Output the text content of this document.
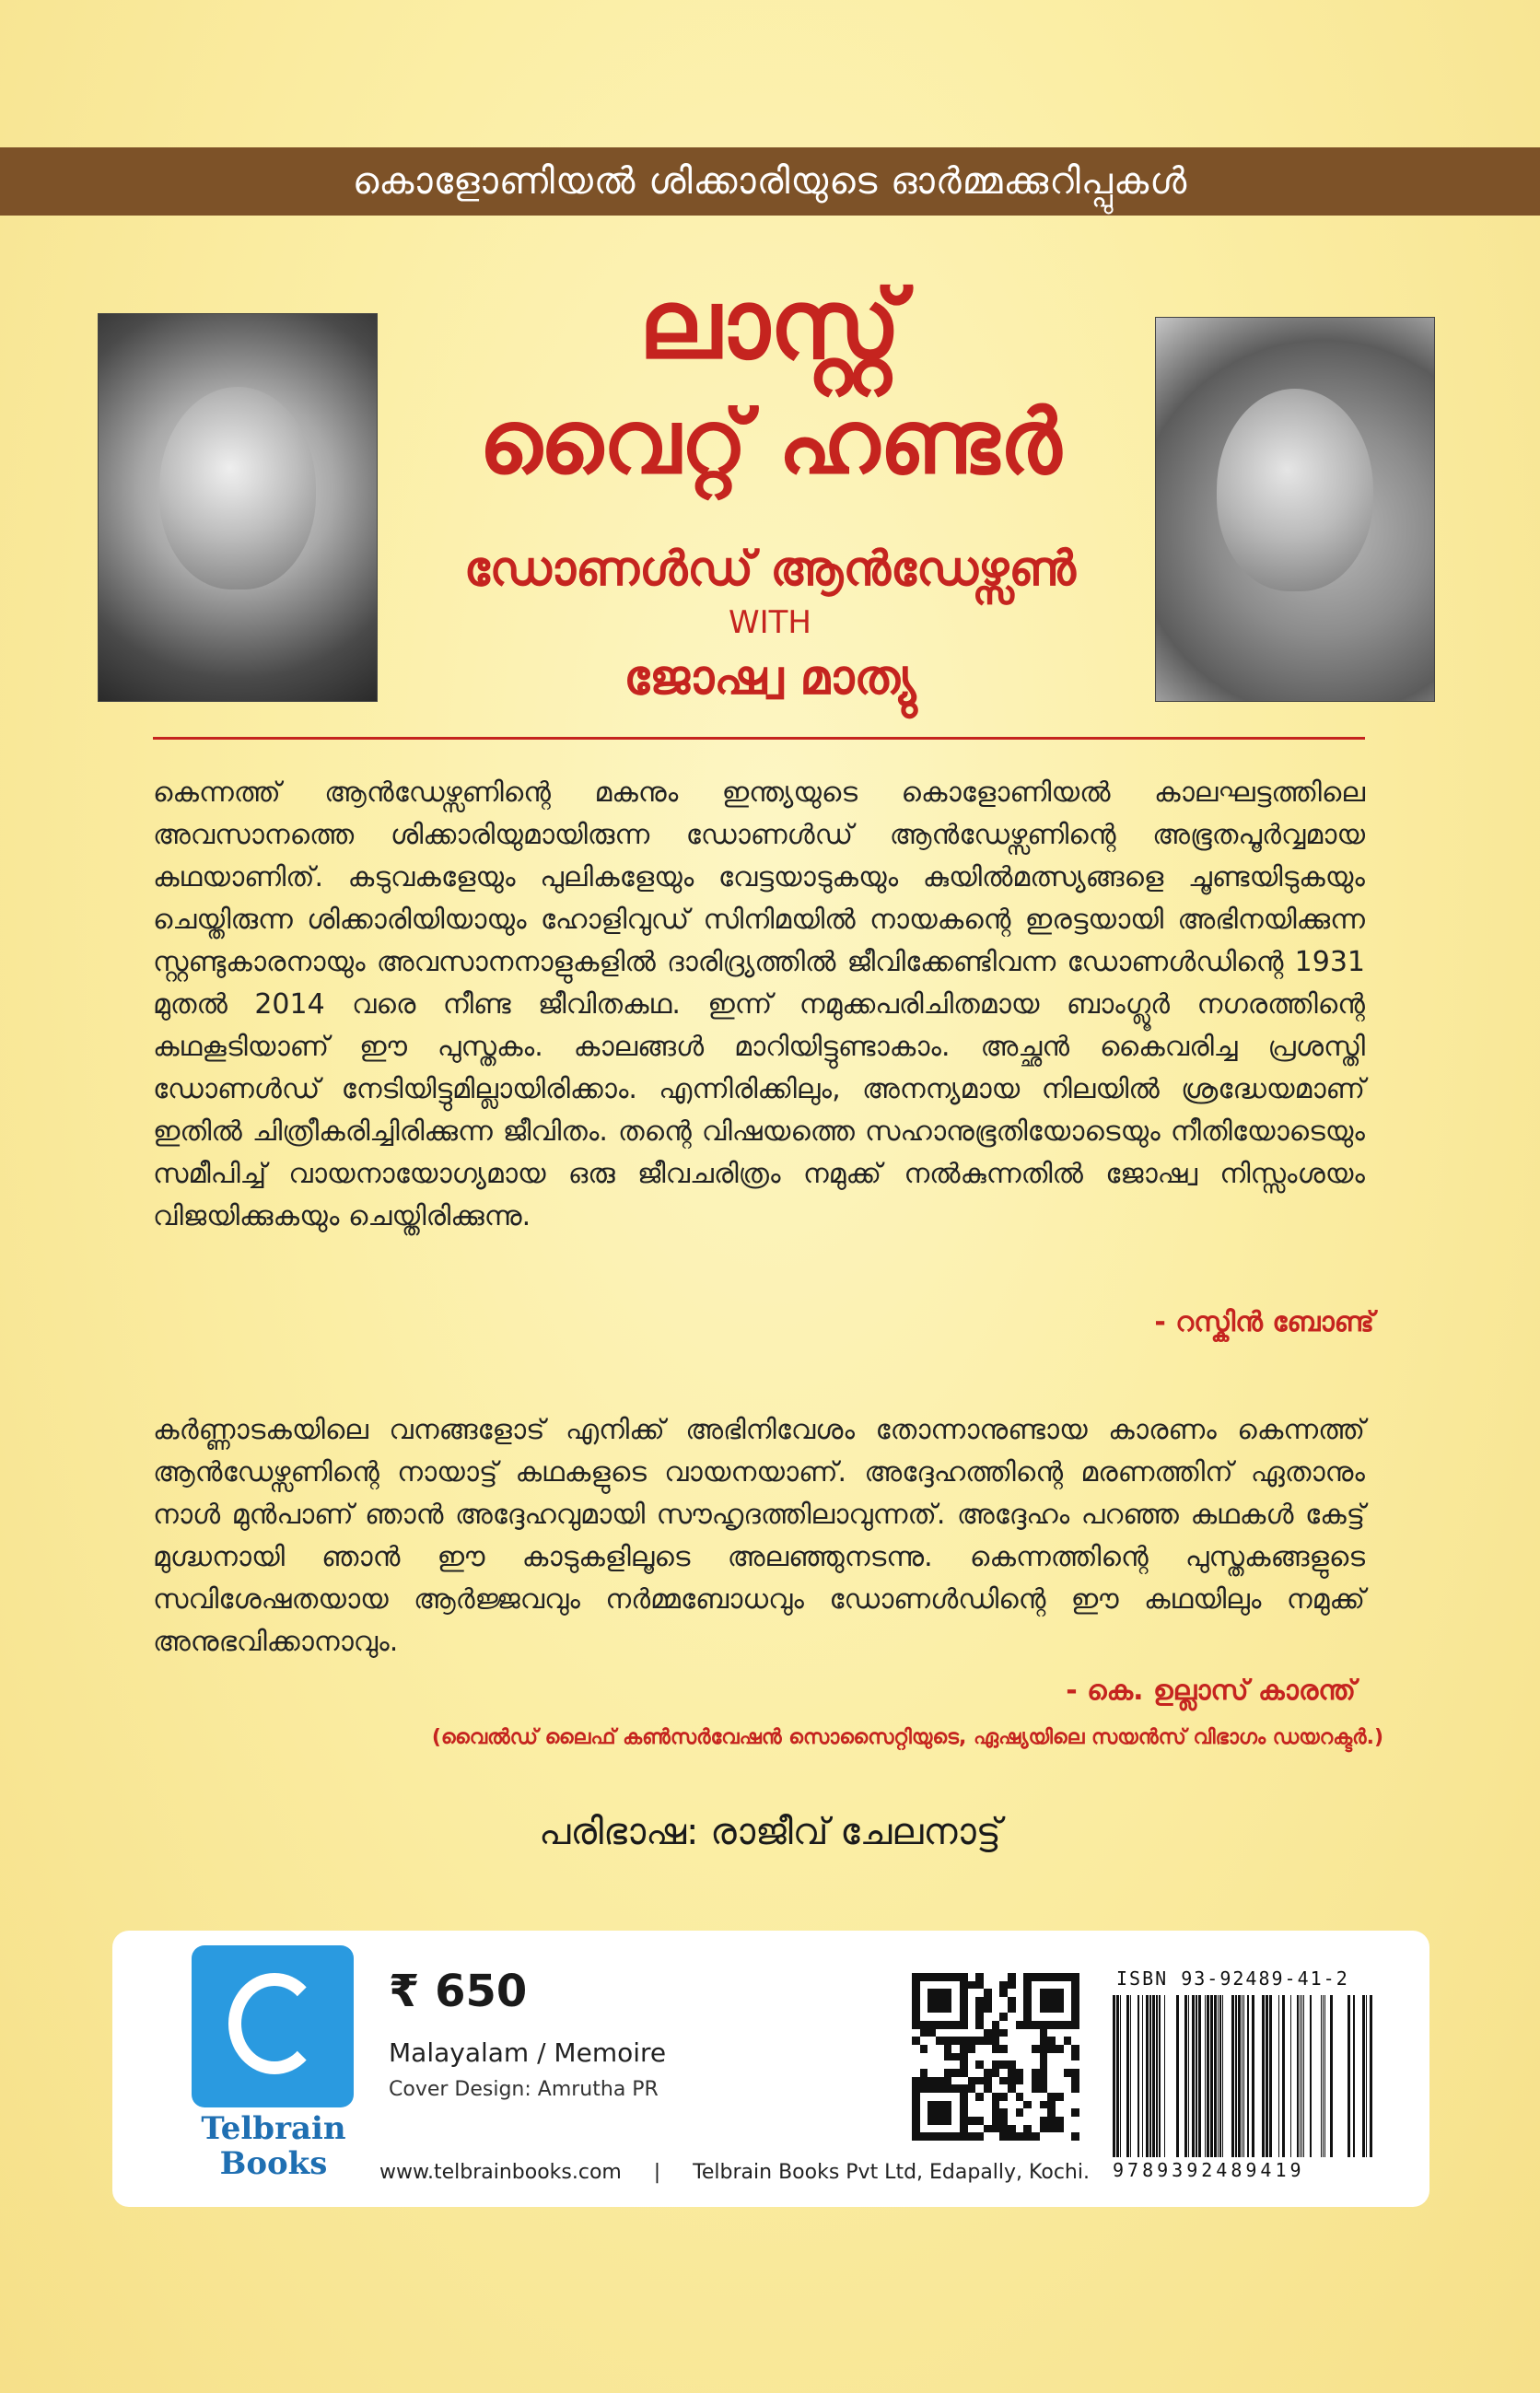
കൊളോണിയൽ ശിക്കാരിയുടെ ഓർമ്മക്കുറിപ്പുകൾ
ലാസ്റ്റ്
വൈറ്റ് ഹണ്ടർ
ഡോണൾഡ് ആൻഡേഴ്സൺ
WITH
ജോഷ്വ മാത്യു
കെന്നത്ത് ആൻഡേഴ്സണിന്റെ മകനും ഇന്ത്യയുടെ കൊളോണിയൽ കാലഘട്ടത്തിലെ അവസാനത്തെ ശിക്കാരിയുമായിരുന്ന ഡോണൾഡ് ആൻഡേഴ്സണിന്റെ അഭൂതപൂർവ്വമായ കഥയാണിത്. കടുവകളേയും പുലികളേയും വേട്ടയാടുകയും കുയിൽമത്സ്യങ്ങളെ ചൂണ്ടയിടുകയും ചെയ്തിരുന്ന ശിക്കാരിയിയായും ഹോളിവുഡ് സിനിമയിൽ നായകന്റെ ഇരട്ടയായി അഭിനയിക്കുന്ന സ്റ്റണ്ടുകാരനായും അവസാനനാളുകളിൽ ദാരിദ്ര്യത്തിൽ ജീവിക്കേണ്ടിവന്ന ഡോണൾഡിന്റെ 1931 മുതൽ 2014 വരെ നീണ്ട ജീവിതകഥ. ഇന്ന് നമുക്കപരിചിതമായ ബാംഗ്ലൂർ നഗരത്തിന്റെ കഥകൂടിയാണ് ഈ പുസ്തകം. കാലങ്ങൾ മാറിയിട്ടുണ്ടാകാം. അച്ഛൻ കൈവരിച്ച പ്രശസ്തി ഡോണൾഡ് നേടിയിട്ടുമില്ലായിരിക്കാം. എന്നിരിക്കിലും, അനന്യമായ നിലയിൽ ശ്രദ്ധേയമാണ് ഇതിൽ ചിത്രീകരിച്ചിരിക്കുന്ന ജീവിതം. തന്റെ വിഷയത്തെ സഹാനുഭൂതിയോടെയും നീതിയോടെയും സമീപിച്ച് വായനായോഗ്യമായ ഒരു ജീവചരിത്രം നമുക്ക് നൽകുന്നതിൽ ജോഷ്വ നിസ്സംശയം വിജയിക്കുകയും ചെയ്തിരിക്കുന്നു.
- റസ്കിൻ ബോണ്ട്
കർണ്ണാടകയിലെ വനങ്ങളോട് എനിക്ക് അഭിനിവേശം തോന്നാനുണ്ടായ കാരണം കെന്നത്ത് ആൻഡേഴ്സണിന്റെ നായാട്ട് കഥകളുടെ വായനയാണ്. അദ്ദേഹത്തിന്റെ മരണത്തിന് ഏതാനും നാൾ മുൻപാണ് ഞാൻ അദ്ദേഹവുമായി സൗഹൃദത്തിലാവുന്നത്. അദ്ദേഹം പറഞ്ഞ കഥകൾ കേട്ട് മുഗ്ദ്ധനായി ഞാൻ ഈ കാടുകളിലൂടെ അലഞ്ഞുനടന്നു. കെന്നത്തിന്റെ പുസ്തകങ്ങളുടെ സവിശേഷതയായ ആർജ്ജവവും നർമ്മബോധവും ഡോണൾഡിന്റെ ഈ കഥയിലും നമുക്ക് അനുഭവിക്കാനാവും.
- കെ. ഉല്ലാസ് കാരന്ത്
(വൈൽഡ് ലൈഫ് കൺസർവേഷൻ സൊസൈറ്റിയുടെ, ഏഷ്യയിലെ സയൻസ് വിഭാഗം ഡയറക്ടർ.)
പരിഭാഷ: രാജീവ് ചേലനാട്ട്
Telbrain Books
₹ 650
Malayalam / Memoire
Cover Design: Amrutha PR
www.telbrainbooks.com     |     Telbrain Books Pvt Ltd, Edapally, Kochi.
ISBN 93-92489-41-2
9789392489419
